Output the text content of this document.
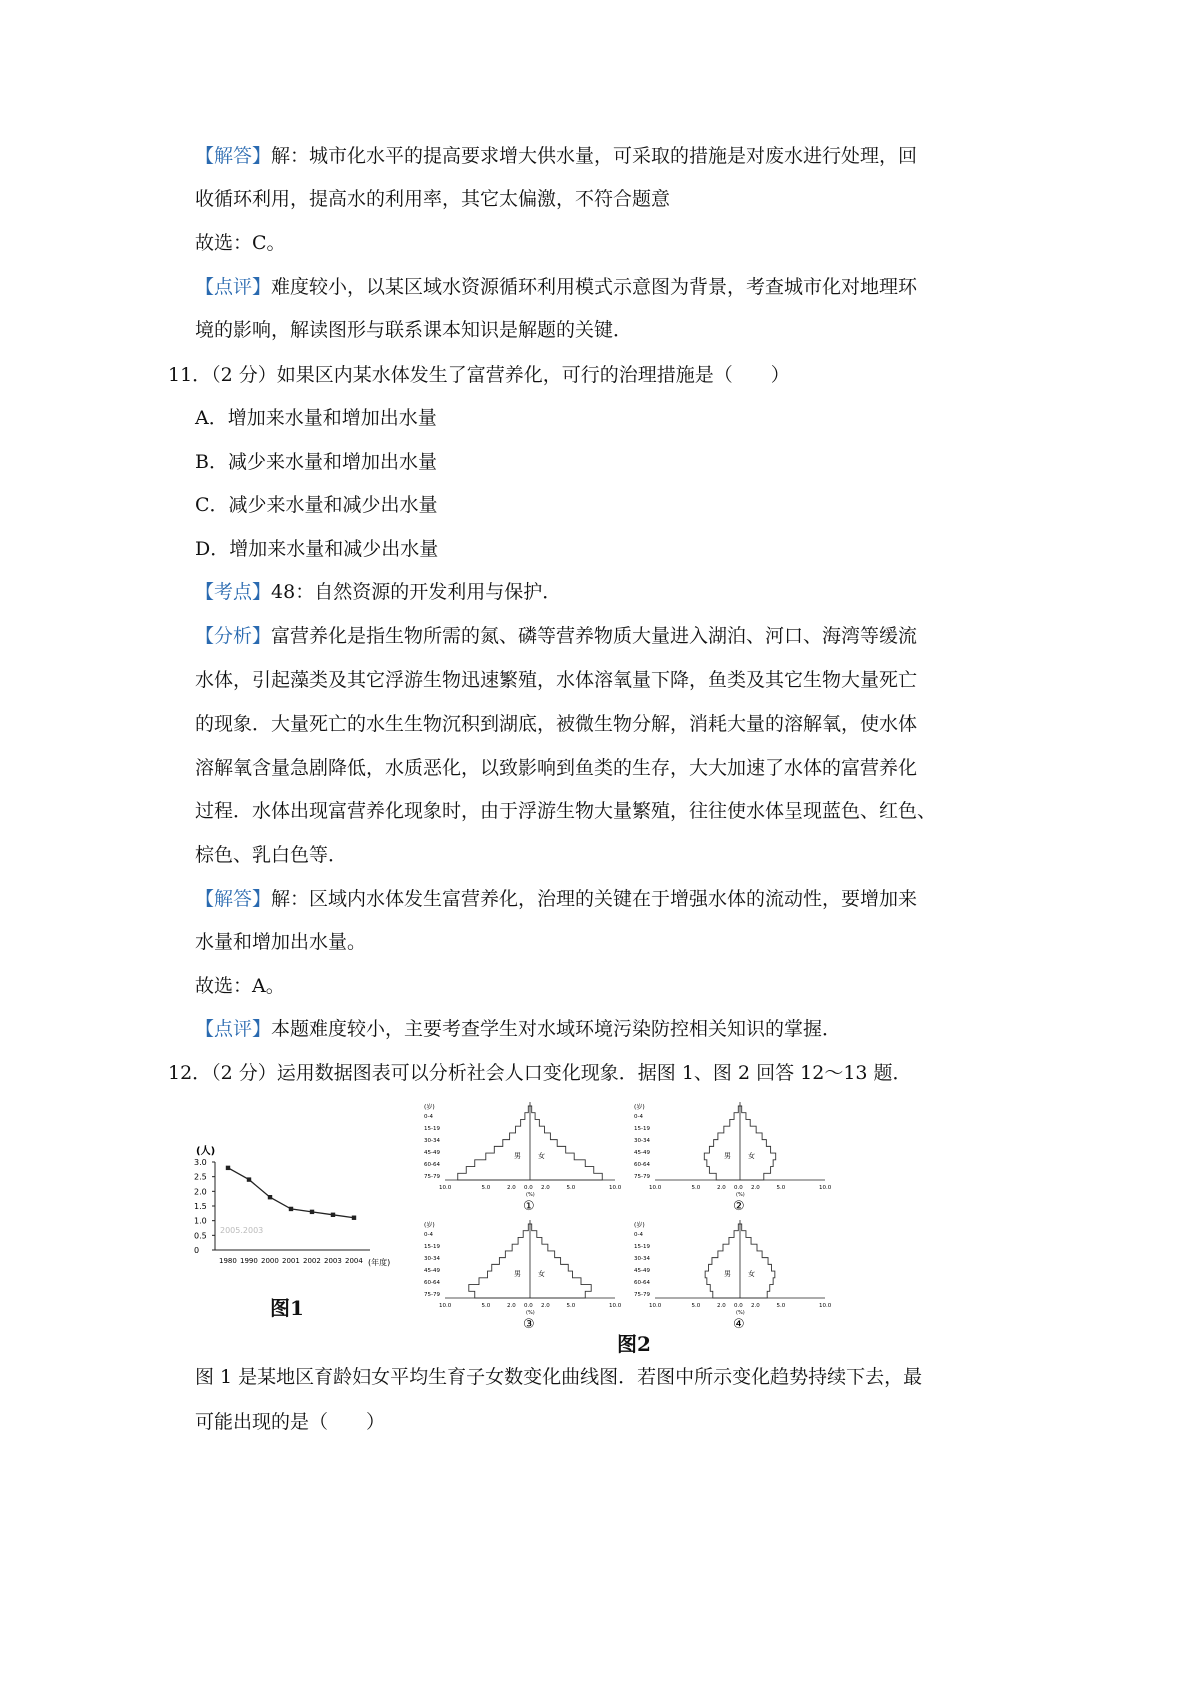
【解答】解：城市化水平的提高要求增大供水量，可采取的措施是对废水进行处理，回
收循环利用，提高水的利用率，其它太偏激，不符合题意
故选：C。
【点评】难度较小，以某区域水资源循环利用模式示意图为背景，考查城市化对地理环
境的影响，解读图形与联系课本知识是解题的关键．
11．（2 分）如果区内某水体发生了富营养化，可行的治理措施是（　　）
A．增加来水量和增加出水量
B．减少来水量和增加出水量
C．减少来水量和减少出水量
D．增加来水量和减少出水量
【考点】48：自然资源的开发利用与保护．
【分析】富营养化是指生物所需的氮、磷等营养物质大量进入湖泊、河口、海湾等缓流
水体，引起藻类及其它浮游生物迅速繁殖，水体溶氧量下降，鱼类及其它生物大量死亡
的现象．大量死亡的水生生物沉积到湖底，被微生物分解，消耗大量的溶解氧，使水体
溶解氧含量急剧降低，水质恶化，以致影响到鱼类的生存，大大加速了水体的富营养化
过程．水体出现富营养化现象时，由于浮游生物大量繁殖，往往使水体呈现蓝色、红色、
棕色、乳白色等．
【解答】解：区域内水体发生富营养化，治理的关键在于增强水体的流动性，要增加来
水量和增加出水量。
故选：A。
【点评】本题难度较小，主要考查学生对水域环境污染防控相关知识的掌握．
12．（2 分）运用数据图表可以分析社会人口变化现象．据图 1、图 2 回答 12～13 题．
(人)
3.0
2.5
2.0
1.5
1.0
0.5
0
1980 1990 2000 2001 2002 2003 2004
2005.2003
(年度)
图1
(岁)
75-79
60-64
45-49
30-34
15-19
0-4
10.0	5.0	2.0 0.0 2.0	5.0	10.0
(%)
男 女
①
(岁)
75-79
60-64
45-49
30-34
15-19
0-4
10.0	5.0	2.0 0.0 2.0	5.0	10.0
(%)
男 女
②
(岁)
75-79
60-64
45-49
30-34
15-19
0-4
10.0	5.0	2.0 0.0 2.0	5.0	10.0
(%)
男 女
③
(岁)
75-79
60-64
45-49
30-34
15-19
0-4
10.0	5.0	2.0 0.0 2.0	5.0	10.0
(%)
男 女
④
图2
图 1 是某地区育龄妇女平均生育子女数变化曲线图．若图中所示变化趋势持续下去，最
可能出现的是（　　）
